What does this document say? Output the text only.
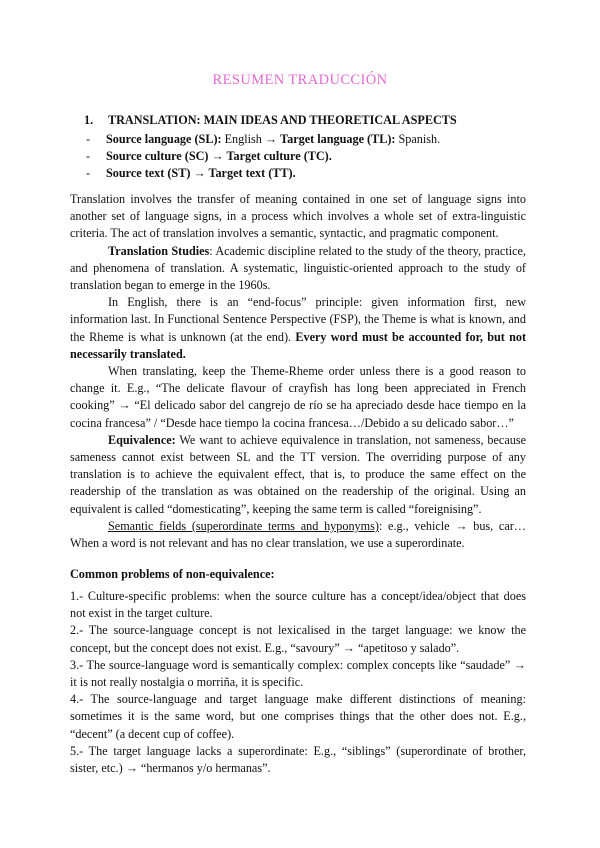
RESUMEN TRADUCCIÓN
1. TRANSLATION: MAIN IDEAS AND THEORETICAL ASPECTS
- Source language (SL): English → Target language (TL): Spanish.
- Source culture (SC) → Target culture (TC).
- Source text (ST) → Target text (TT).

Translation involves the transfer of meaning contained in one set of language signs into another set of language signs, in a process which involves a whole set of extra-linguistic criteria. The act of translation involves a semantic, syntactic, and pragmatic component.

Translation Studies: Academic discipline related to the study of the theory, practice, and phenomena of translation. A systematic, linguistic-oriented approach to the study of translation began to emerge in the 1960s.

In English, there is an “end-focus” principle: given information first, new information last. In Functional Sentence Perspective (FSP), the Theme is what is known, and the Rheme is what is unknown (at the end). Every word must be accounted for, but not necessarily translated.

When translating, keep the Theme-Rheme order unless there is a good reason to change it. E.g., “The delicate flavour of crayfish has long been appreciated in French cooking” → “El delicado sabor del cangrejo de río se ha apreciado desde hace tiempo en la cocina francesa” / “Desde hace tiempo la cocina francesa…/Debido a su delicado sabor…”

Equivalence: We want to achieve equivalence in translation, not sameness, because sameness cannot exist between SL and the TT version. The overriding purpose of any translation is to achieve the equivalent effect, that is, to produce the same effect on the readership of the translation as was obtained on the readership of the original. Using an equivalent is called “domesticating”, keeping the same term is called “foreignising”.

Semantic fields (superordinate terms and hyponyms): e.g., vehicle → bus, car… When a word is not relevant and has no clear translation, we use a superordinate.

Common problems of non-equivalence:

1.- Culture-specific problems: when the source culture has a concept/idea/object that does not exist in the target culture.

2.- The source-language concept is not lexicalised in the target language: we know the concept, but the concept does not exist. E.g., “savoury” → “apetitoso y salado”.

3.- The source-language word is semantically complex: complex concepts like “saudade” → it is not really nostalgia o morriña, it is specific.

4.- The source-language and target language make different distinctions of meaning: sometimes it is the same word, but one comprises things that the other does not. E.g., “decent” (a decent cup of coffee).

5.- The target language lacks a superordinate: E.g., “siblings” (superordinate of brother, sister, etc.) → “hermanos y/o hermanas”.
